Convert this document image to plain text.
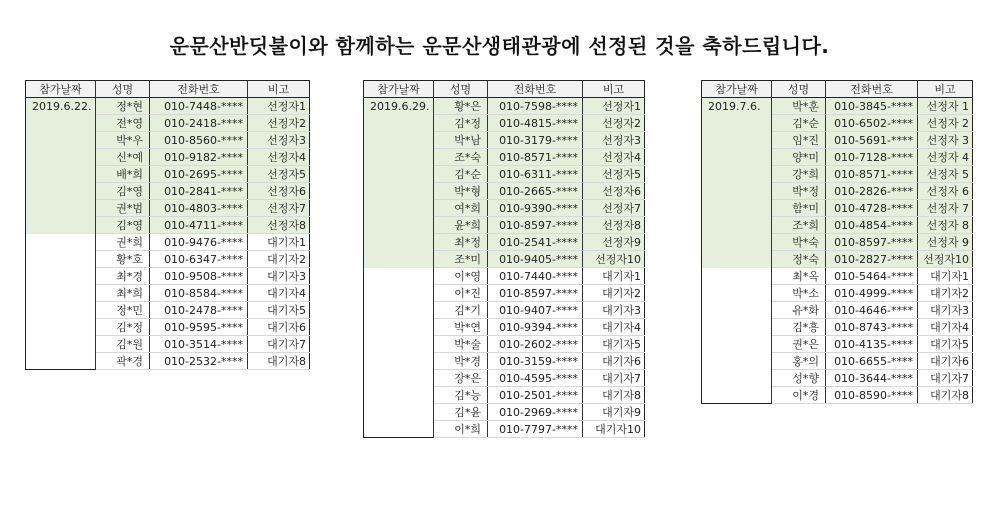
운문산반딧불이와 함께하는 운문산생태관광에 선정된 것을 축하드립니다.
참가날짜	성명	전화번호	비고
2019.6.22.	정*현	010-7448-****	선정자1
	전*영	010-2418-****	선정자2
	박*우	010-8560-****	선정자3
	신*예	010-9182-****	선정자4
	배*희	010-2695-****	선정자5
	김*영	010-2841-****	선정자6
	권*범	010-4803-****	선정자7
	김*영	010-4711-****	선정자8
	권*희	010-9476-****	대기자1
	황*호	010-6347-****	대기자2
	최*경	010-9508-****	대기자3
	최*희	010-8584-****	대기자4
	정*민	010-2478-****	대기자5
	김*정	010-9595-****	대기자6
	김*원	010-3514-****	대기자7
	곽*경	010-2532-****	대기자8
참가날짜	성명	전화번호	비고
2019.6.29.	황*은	010-7598-****	선정자1
	김*정	010-4815-****	선정자2
	박*남	010-3179-****	선정자3
	조*숙	010-8571-****	선정자4
	김*순	010-6311-****	선정자5
	박*형	010-2665-****	선정자6
	여*희	010-9390-****	선정자7
	윤*희	010-8597-****	선정자8
	최*정	010-2541-****	선정자9
	조*미	010-9405-****	선정자10
	이*영	010-7440-****	대기자1
	이*진	010-8597-****	대기자2
	김*기	010-9407-****	대기자3
	박*연	010-9394-****	대기자4
	박*술	010-2602-****	대기자5
	박*경	010-3159-****	대기자6
	장*은	010-4595-****	대기자7
	김*능	010-2501-****	대기자8
	김*윤	010-2969-****	대기자9
	이*희	010-7797-****	대기자10
참가날짜	성명	전화번호	비고
2019.7.6.	박*훈	010-3845-****	선정자 1
	김*순	010-6502-****	선정자 2
	임*진	010-5691-****	선정자 3
	양*미	010-7128-****	선정자 4
	강*희	010-8571-****	선정자 5
	박*정	010-2826-****	선정자 6
	함*미	010-4728-****	선정자 7
	조*희	010-4854-****	선정자 8
	박*숙	010-8597-****	선정자 9
	정*숙	010-2827-****	선정자10
	최*옥	010-5464-****	대기자1
	박*소	010-4999-****	대기자2
	유*화	010-4646-****	대기자3
	김*흥	010-8743-****	대기자4
	권*은	010-4135-****	대기자5
	홍*의	010-6655-****	대기자6
	성*향	010-3644-****	대기자7
	이*경	010-8590-****	대기자8
